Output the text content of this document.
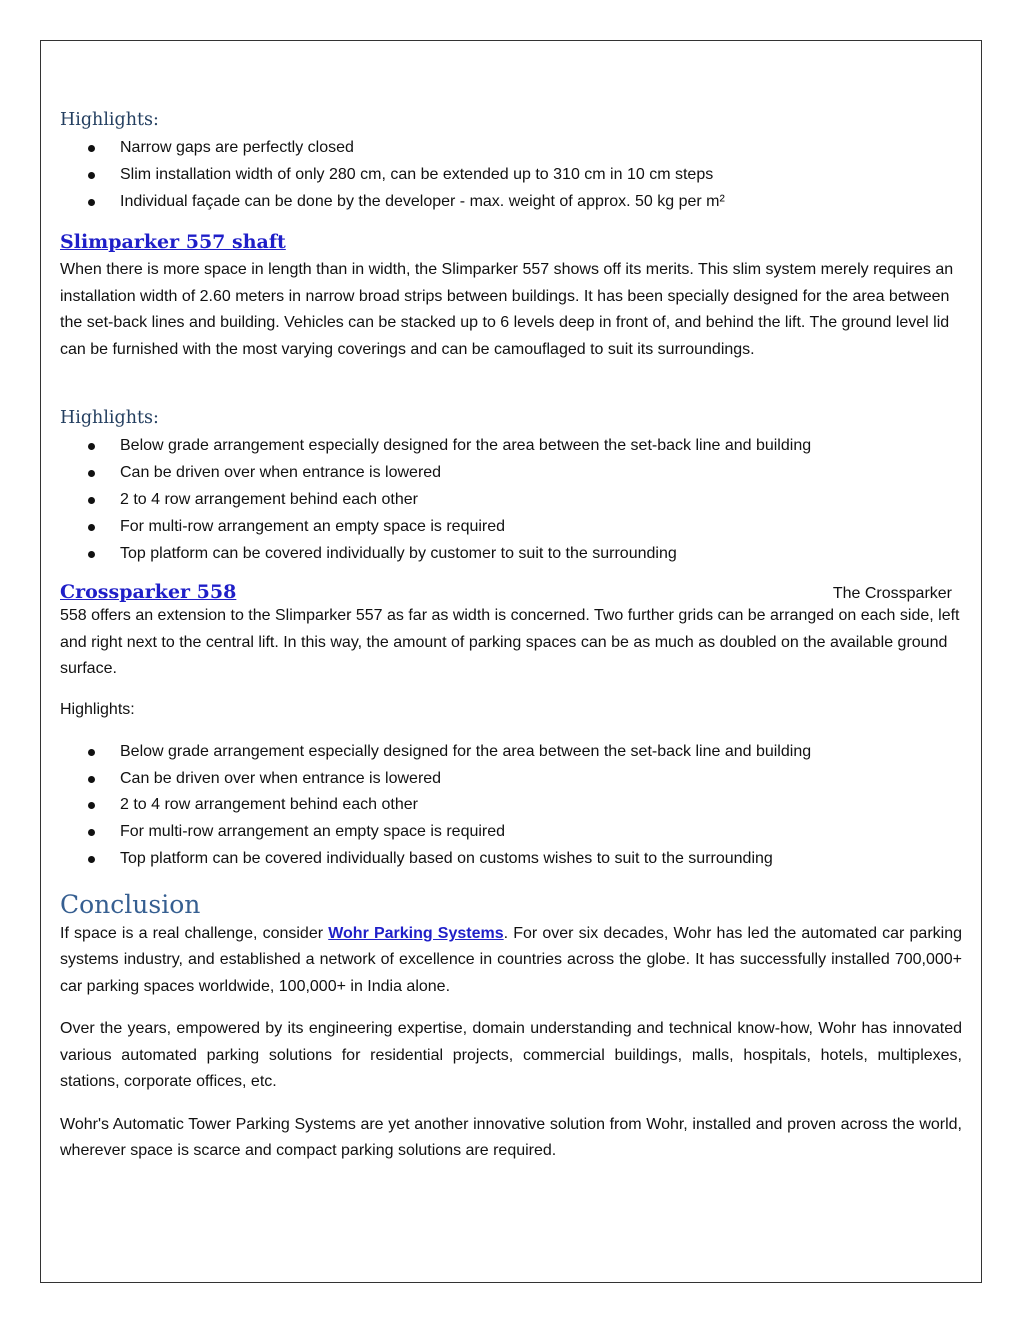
Highlights:
Narrow gaps are perfectly closed
Slim installation width of only 280 cm, can be extended up to 310 cm in 10 cm steps
Individual façade can be done by the developer - max. weight of approx. 50 kg per m²
Slimparker 557 shaft

When there is more space in length than in width, the Slimparker 557 shows off its merits. This slim system merely requires an installation width of 2.60 meters in narrow broad strips between buildings. It has been specially designed for the area between the set-back lines and building. Vehicles can be stacked up to 6 levels deep in front of, and behind the lift. The ground level lid can be furnished with the most varying coverings and can be camouflaged to suit its surroundings.

Highlights:
Below grade arrangement especially designed for the area between the set-back line and building
Can be driven over when entrance is lowered
2 to 4 row arrangement behind each other
For multi-row arrangement an empty space is required
Top platform can be covered individually by customer to suit to the surrounding
Crossparker 558	The Crossparker

558 offers an extension to the Slimparker 557 as far as width is concerned. Two further grids can be arranged on each side, left and right next to the central lift. In this way, the amount of parking spaces can be as much as doubled on the available ground surface.

Highlights:
Below grade arrangement especially designed for the area between the set-back line and building
Can be driven over when entrance is lowered
2 to 4 row arrangement behind each other
For multi-row arrangement an empty space is required
Top platform can be covered individually based on customs wishes to suit to the surrounding
Conclusion

If space is a real challenge, consider Wohr Parking Systems. For over six decades, Wohr has led the automated car parking systems industry, and established a network of excellence in countries across the globe. It has successfully installed 700,000+ car parking spaces worldwide, 100,000+ in India alone.

Over the years, empowered by its engineering expertise, domain understanding and technical know-how, Wohr has innovated various automated parking solutions for residential projects, commercial buildings, malls, hospitals, hotels, multiplexes, stations, corporate offices, etc.

Wohr's Automatic Tower Parking Systems are yet another innovative solution from Wohr, installed and proven across the world, wherever space is scarce and compact parking solutions are required.
